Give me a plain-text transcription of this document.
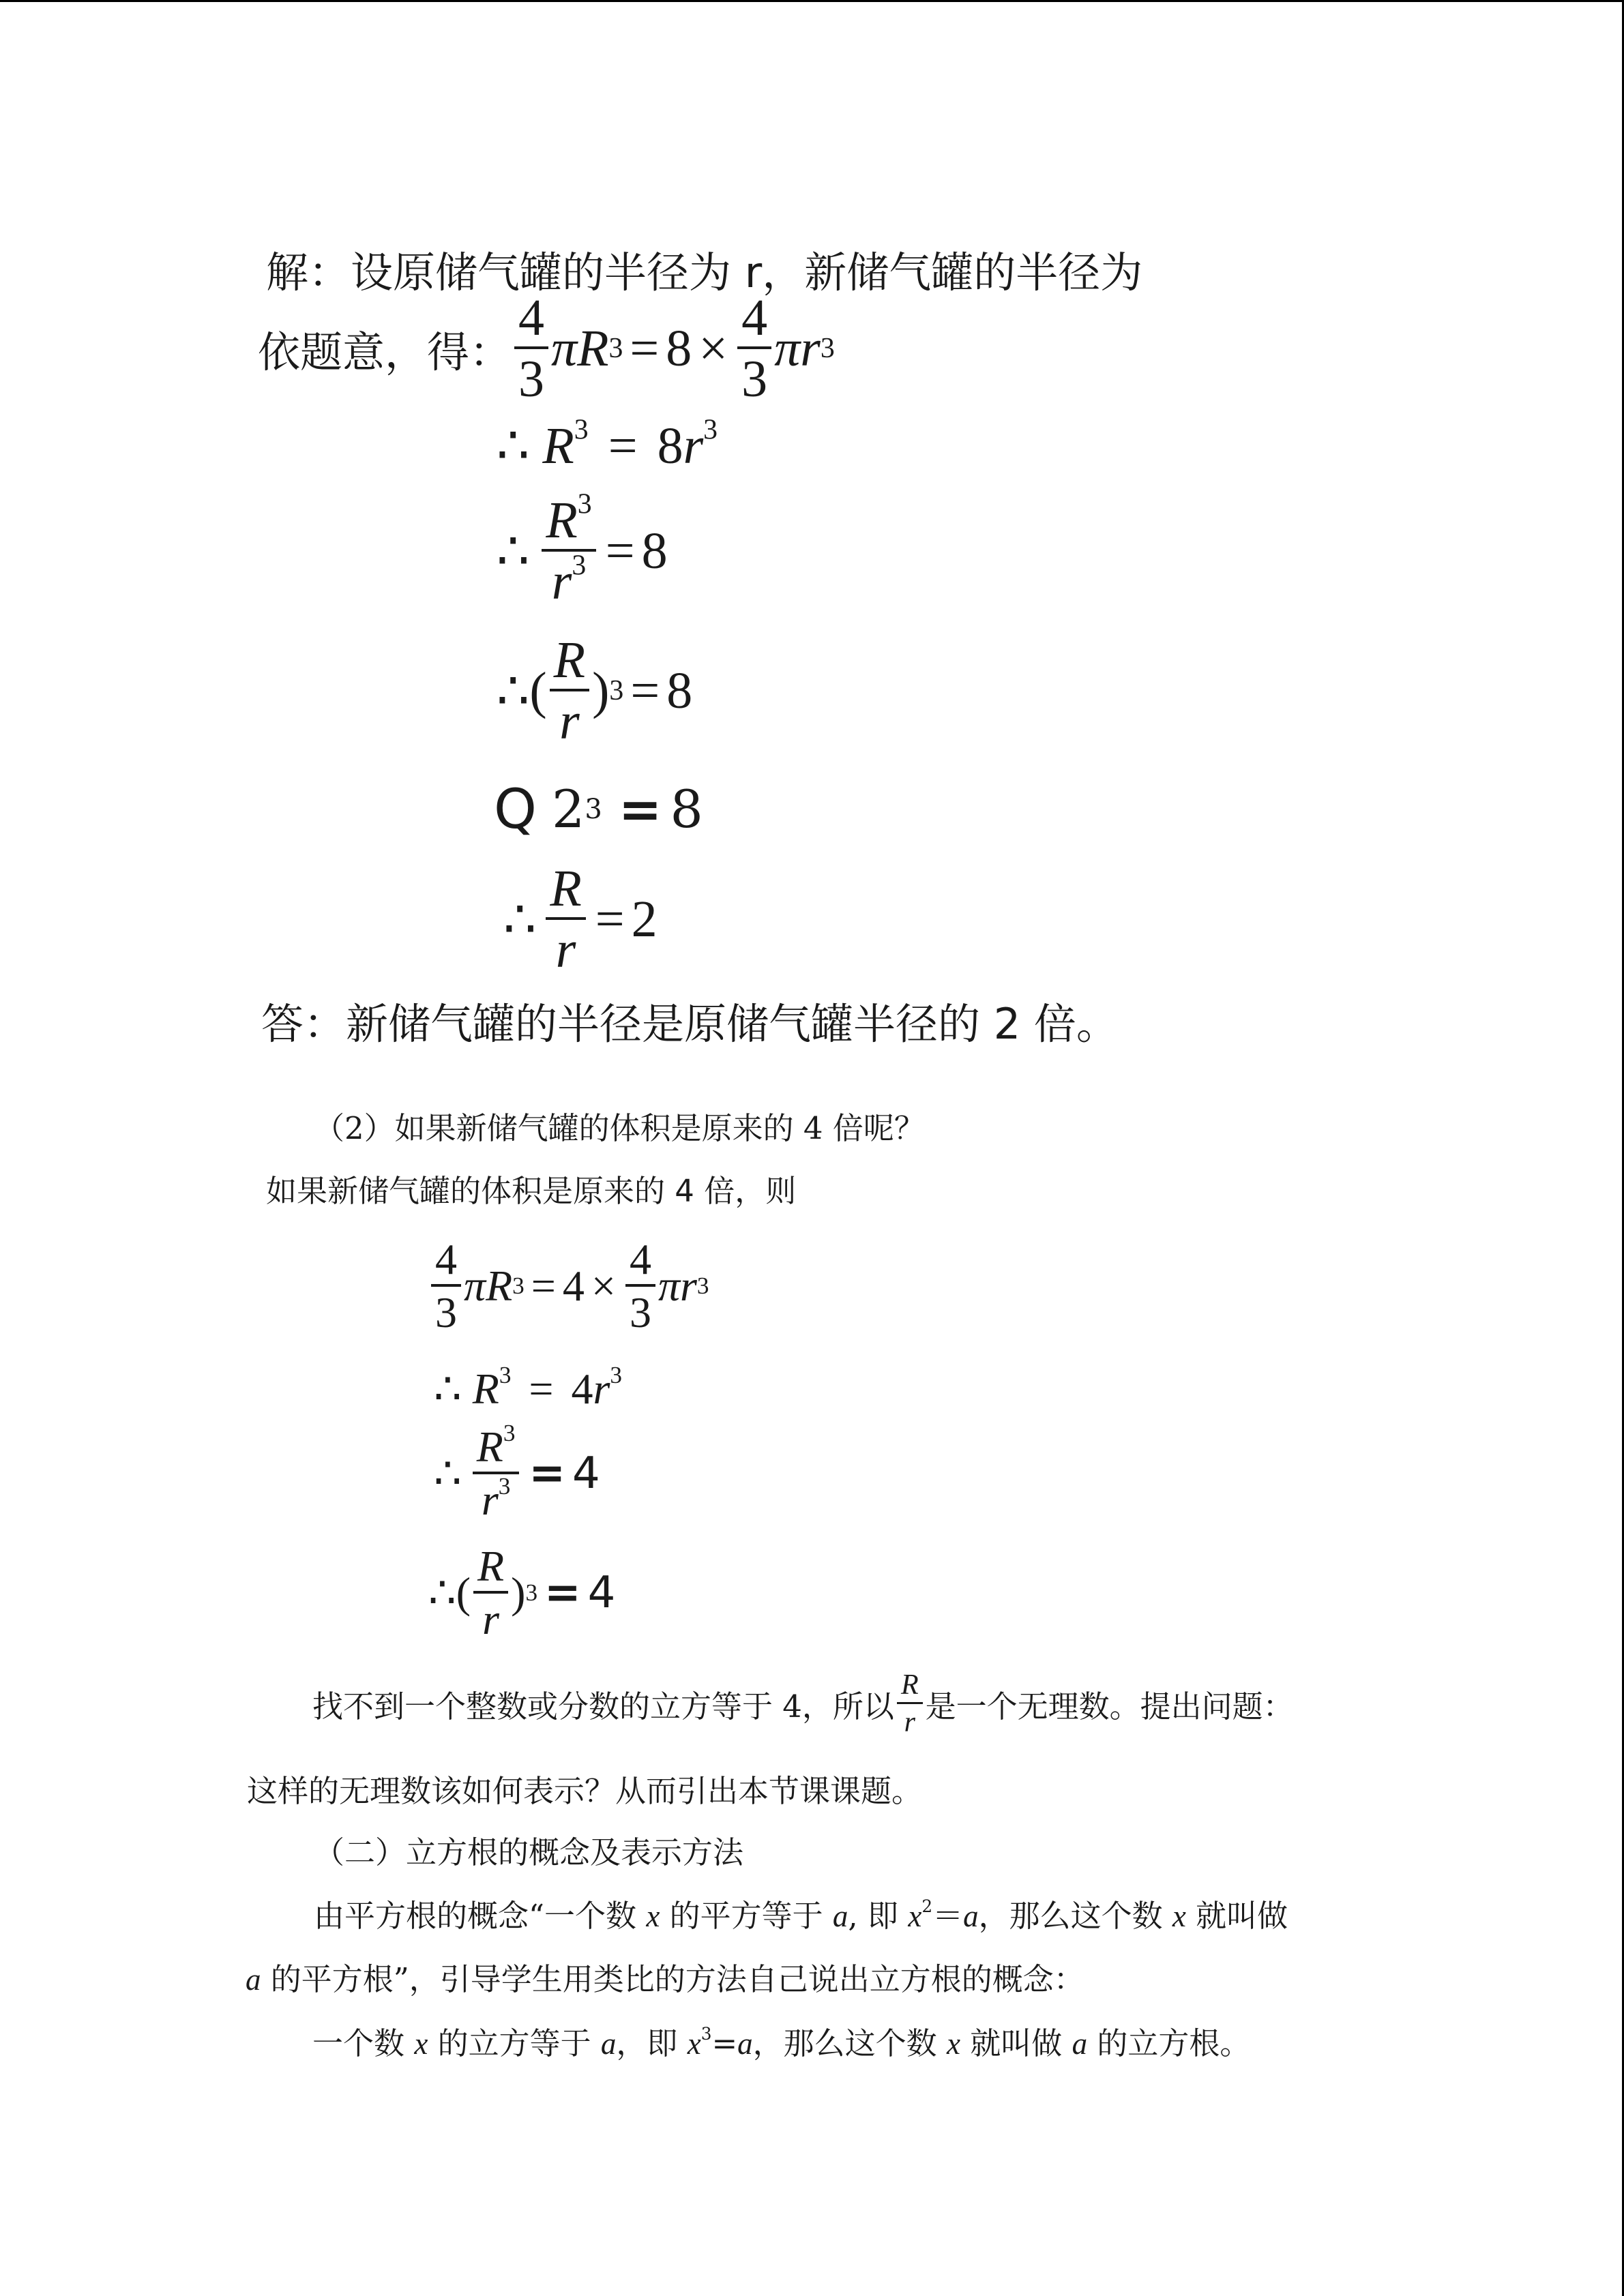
解：设原储气罐的半径为 r，新储气罐的半径为
依题意，得： $\frac{4}{3}$ πR $3 = 8 \times \frac{4}{3}$ πr 3
∴ $R^3 = 8r^3$
∴ $\frac{R^3}{r^3} = 8$
∴ ( $\frac{R}{r}$ ) 3 = 8
Q 2 3 = 8
∴ $\frac{R}{r} = 2$
答：新储气罐的半径是原储气罐半径的 2 倍。
（2）如果新储气罐的体积是原来的 4 倍呢？
如果新储气罐的体积是原来的 4 倍，则
$\frac{4}{3}$ πR $3 = 4 \times \frac{4}{3}$ πr 3
∴ $R^3 = 4r^3$
∴ $\frac{R^3}{r^3} = 4$
∴ ( $\frac{R}{r}$ ) 3 = 4
找不到一个整数或分数的立方等于 4，所以 $\frac{R}{r}$ 是一个无理数。提出问题：
这样的无理数该如何表示？从而引出本节课课题。
（二）立方根的概念及表示方法
由平方根的概念“一个数 x 的平方等于 a, 即 $x^2=a$，那么这个数 x 就叫做
a 的平方根”，引导学生用类比的方法自己说出立方根的概念：
一个数 x 的立方等于 a，即 $x^3=a$，那么这个数 x 就叫做 a 的立方根。
